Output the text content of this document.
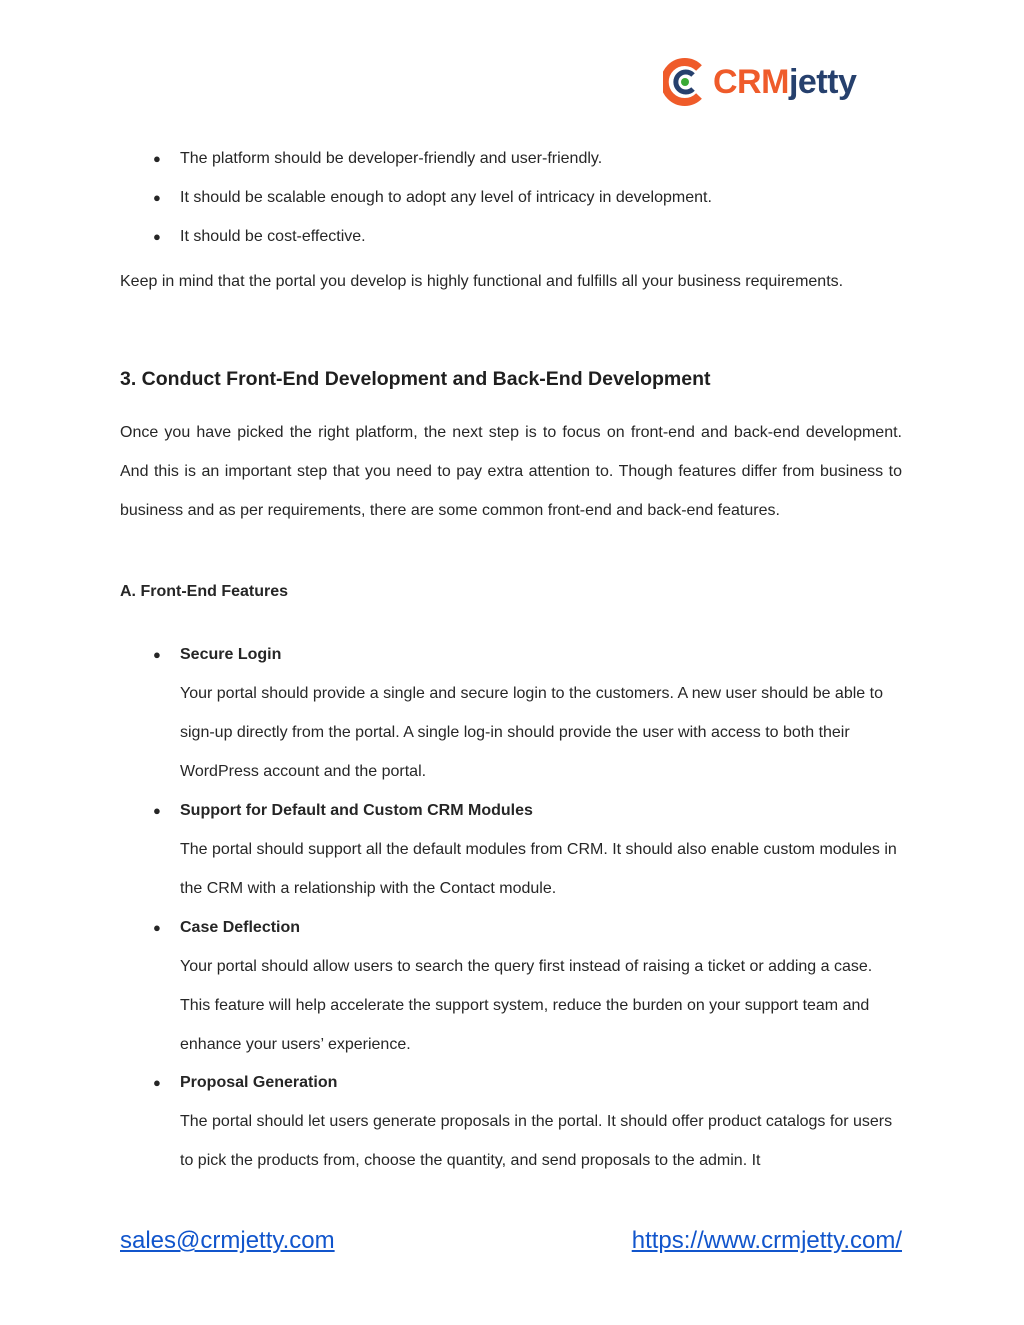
CRMjetty
● The platform should be developer-friendly and user-friendly.
● It should be scalable enough to adopt any level of intricacy in development.
● It should be cost-effective.

Keep in mind that the portal you develop is highly functional and fulfills all your business requirements.

3. Conduct Front-End Development and Back-End Development

Once you have picked the right platform, the next step is to focus on front-end and back-end development. And this is an important step that you need to pay extra attention to. Though features differ from business to business and as per requirements, there are some common front-end and back-end features.

A. Front-End Features
● Secure Login

Your portal should provide a single and secure login to the customers. A new user should be able to sign-up directly from the portal. A single log-in should provide the user with access to both their WordPress account and the portal.

● Support for Default and Custom CRM Modules

The portal should support all the default modules from CRM. It should also enable custom modules in the CRM with a relationship with the Contact module.

● Case Deflection

Your portal should allow users to search the query first instead of raising a ticket or adding a case. This feature will help accelerate the support system, reduce the burden on your support team and enhance your users’ experience.

● Proposal Generation

The portal should let users generate proposals in the portal. It should offer product catalogs for users to pick the products from, choose the quantity, and send proposals to the admin. It

sales@crmjetty.com	https://www.crmjetty.com/
